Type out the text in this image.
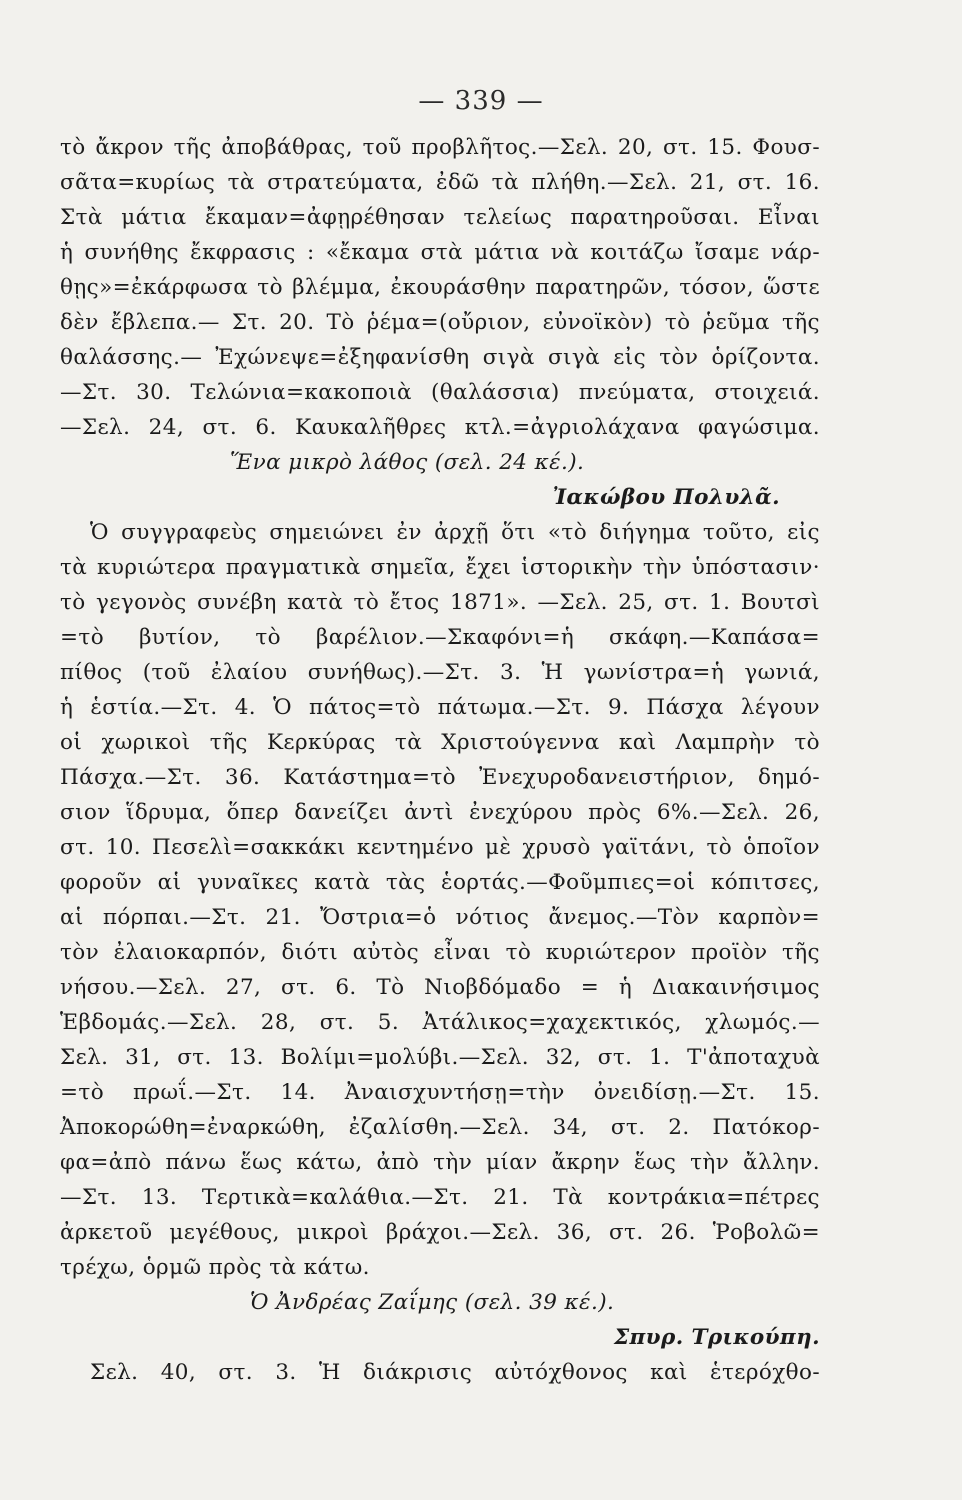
— 339 —
τὸ ἄκρον τῆς ἀποβάθρας, τοῦ προβλῆτος.—Σελ. 20, στ. 15. Φουσ-
σᾶτα=κυρίως τὰ στρατεύματα, ἐδῶ τὰ πλήθη.—Σελ. 21, στ. 16.
Στὰ μάτια ἔκαμαν=ἀφῃρέθησαν τελείως παρατηροῦσαι. Εἶναι
ἡ συνήθης ἔκφρασις : «ἔκαμα στὰ μάτια νὰ κοιτάζω ἴσαμε νάρ-
θῃς»=ἐκάρφωσα τὸ βλέμμα, ἐκουράσθην παρατηρῶν, τόσον, ὥστε
δὲν ἔβλεπα.— Στ. 20. Τὸ ῥέμα=(οὔριον, εὐνοϊκὸν) τὸ ῥεῦμα τῆς
θαλάσσης.— Ἐχώνεψε=ἐξηφανίσθη σιγὰ σιγὰ εἰς τὸν ὁρίζοντα.
—Στ. 30. Τελώνια=κακοποιὰ (θαλάσσια) πνεύματα, στοιχειά.
—Σελ. 24, στ. 6. Καυκαλῆθρες κτλ.=ἀγριολάχανα φαγώσιμα.
Ἕνα μικρὸ λάθος (σελ. 24 κέ.).
Ἰακώβου Πολυλᾶ.
Ὁ συγγραφεὺς σημειώνει ἐν ἀρχῇ ὅτι «τὸ διήγημα τοῦτο, εἰς
τὰ κυριώτερα πραγματικὰ σημεῖα, ἔχει ἱστορικὴν τὴν ὑπόστασιν·
τὸ γεγονὸς συνέβη κατὰ τὸ ἔτος 1871». —Σελ. 25, στ. 1. Βουτσὶ
=τὸ βυτίον, τὸ βαρέλιον.—Σκαφόνι=ἡ σκάφη.—Καπάσα=
πίθος (τοῦ ἐλαίου συνήθως).—Στ. 3. Ἡ γωνίστρα=ἡ γωνιά,
ἡ ἑστία.—Στ. 4. Ὁ πάτος=τὸ πάτωμα.—Στ. 9. Πάσχα λέγουν
οἱ χωρικοὶ τῆς Κερκύρας τὰ Χριστούγεννα καὶ Λαμπρὴν τὸ
Πάσχα.—Στ. 36. Κατάστημα=τὸ Ἐνεχυροδανειστήριον, δημό-
σιον ἵδρυμα, ὅπερ δανείζει ἀντὶ ἐνεχύρου πρὸς 6%.—Σελ. 26,
στ. 10. Πεσελὶ=σακκάκι κεντημένο μὲ χρυσὸ γαϊτάνι, τὸ ὁποῖον
φοροῦν αἱ γυναῖκες κατὰ τὰς ἑορτάς.—Φοῦμπιες=οἱ κόπιτσες,
αἱ πόρπαι.—Στ. 21. Ὄστρια=ὁ νότιος ἄνεμος.—Τὸν καρπὸν=
τὸν ἐλαιοκαρπόν, διότι αὐτὸς εἶναι τὸ κυριώτερον προϊὸν τῆς
νήσου.—Σελ. 27, στ. 6. Τὸ Νιοβδόμαδο = ἡ Διακαινήσιμος
Ἑβδομάς.—Σελ. 28, στ. 5. Ἀτάλικος=χαχεκτικός, χλωμός.—
Σελ. 31, στ. 13. Βολίμι=μολύβι.—Σελ. 32, στ. 1. Τ'ἀποταχυὰ
=τὸ πρωΐ.—Στ. 14. Ἀναισχυντήσῃ=τὴν ὀνειδίσῃ.—Στ. 15.
Ἀποκορώθη=ἐναρκώθη, ἐζαλίσθη.—Σελ. 34, στ. 2. Πατόκορ-
φα=ἀπὸ πάνω ἕως κάτω, ἀπὸ τὴν μίαν ἄκρην ἕως τὴν ἄλλην.
—Στ. 13. Τερτικὰ=καλάθια.—Στ. 21. Τὰ κοντράκια=πέτρες
ἀρκετοῦ μεγέθους, μικροὶ βράχοι.—Σελ. 36, στ. 26. Ῥοβολῶ=
τρέχω, ὁρμῶ πρὸς τὰ κάτω.
Ὁ Ἀνδρέας Ζαΐμης (σελ. 39 κέ.).
Σπυρ. Τρικούπη.
Σελ. 40, στ. 3. Ἡ διάκρισις αὐτόχθονος καὶ ἑτερόχθο-
